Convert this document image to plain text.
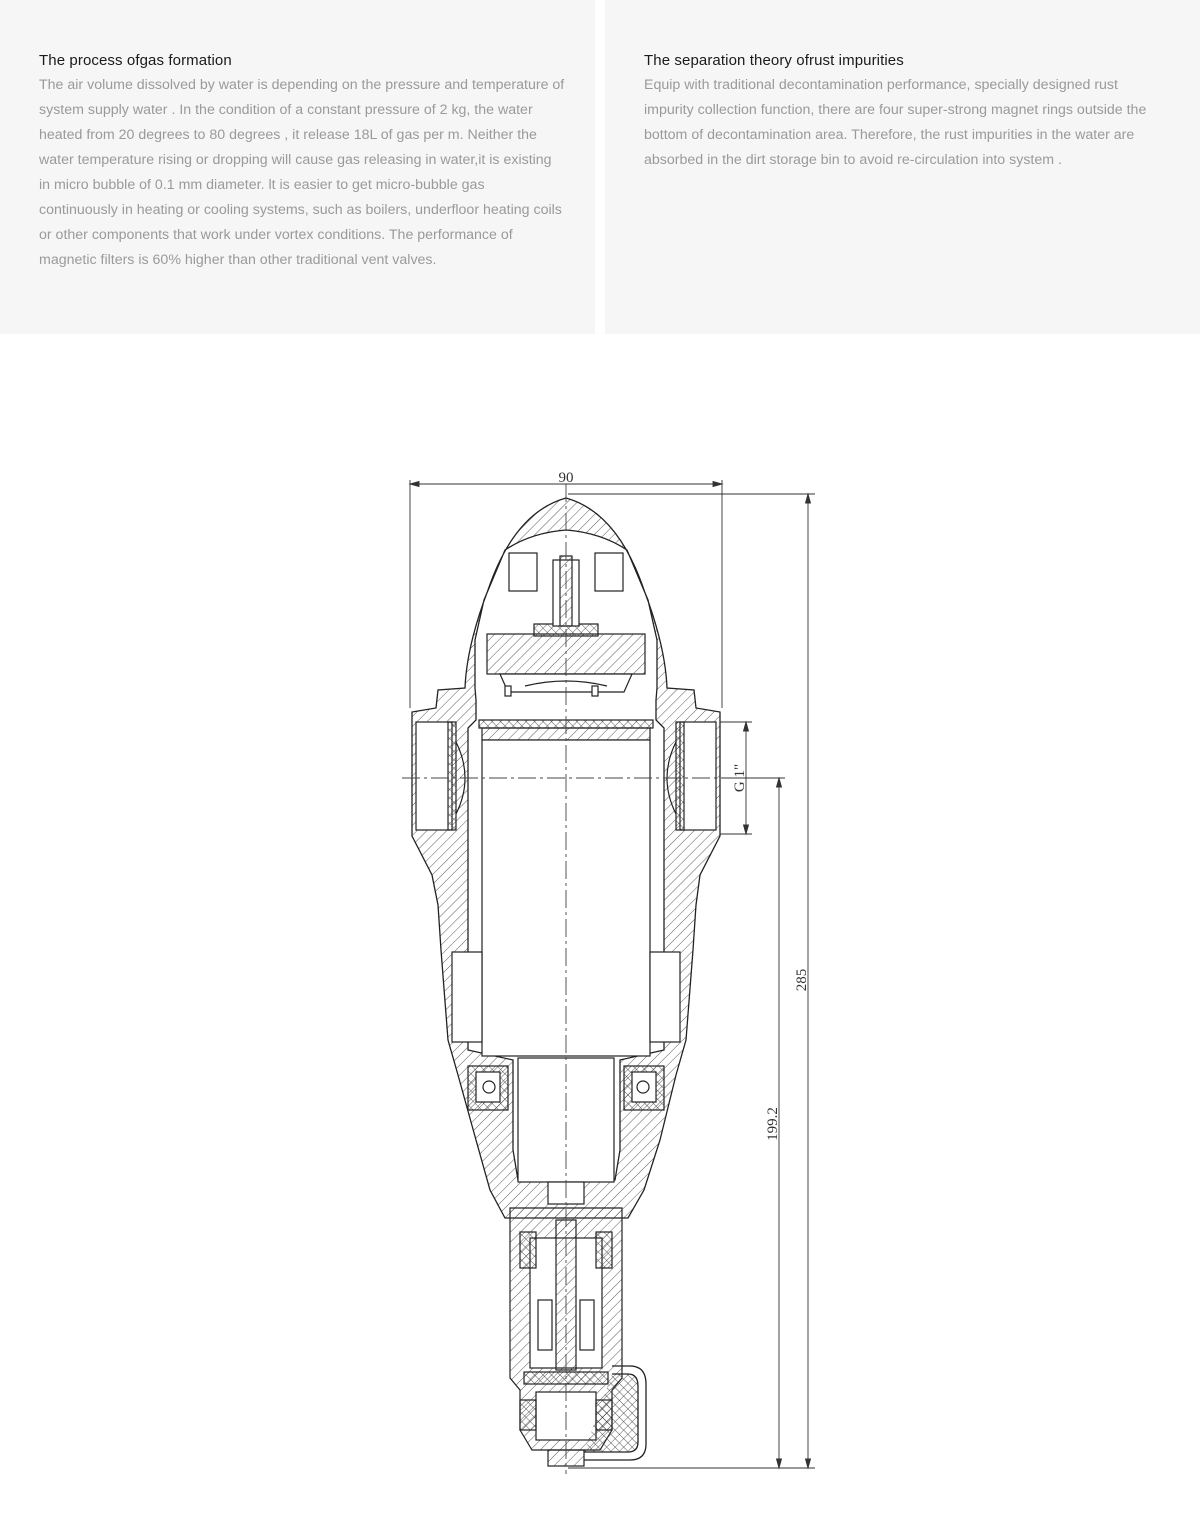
The process ofgas formation

The air volume dissolved by water is depending on the pressure and temperature of system supply water . In the condition of a constant pressure of 2 kg, the water heated from 20 degrees to 80 degrees , it release 18L of gas per m. Neither the water temperature rising or dropping will cause gas releasing in water,it is existing in micro bubble of 0.1 mm diameter. lt is easier to get micro-bubble gas continuously in heating or cooling systems, such as boilers, underfloor heating coils or other components that work under vortex conditions. The performance of magnetic filters is 60% higher than other traditional vent valves.

The separation theory ofrust impurities

Equip with traditional decontamination performance, specially designed rust impurity collection function, there are four super-strong magnet rings outside the bottom of decontamination area. Therefore, the rust impurities in the water are absorbed in the dirt storage bin to avoid re-circulation into system .

90
G 1"
285
199.2
